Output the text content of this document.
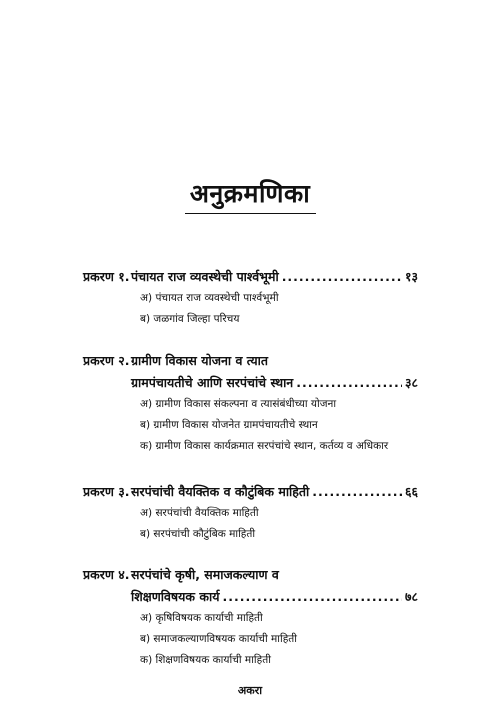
अनुक्रमणिका
प्रकरण १. पंचायत राज व्यवस्थेची पार्श्वभूमी .....	१३
अ) पंचायत राज व्यवस्थेची पार्श्वभूमी
ब) जळगांव जिल्हा परिचय
प्रकरण २. ग्रामीण विकास योजना व त्यात
ग्रामपंचायतीचे आणि सरपंचांचे स्थान .....	३८
अ) ग्रामीण विकास संकल्पना व त्यासंबंधीच्या योजना
ब) ग्रामीण विकास योजनेत ग्रामपंचायतीचे स्थान
क) ग्रामीण विकास कार्यक्रमात सरपंचांचे स्थान, कर्तव्य व अधिकार
प्रकरण ३. सरपंचांची वैयक्तिक व कौटुंबिक माहिती .....	६६
अ) सरपंचांची वैयक्तिक माहिती
ब) सरपंचांची कौटुंबिक माहिती
प्रकरण ४. सरपंचांचे कृषी, समाजकल्याण व
शिक्षणविषयक कार्य .....	७८
अ) कृषिविषयक कार्याची माहिती
ब) समाजकल्याणविषयक कार्याची माहिती
क) शिक्षणविषयक कार्याची माहिती
अकरा
